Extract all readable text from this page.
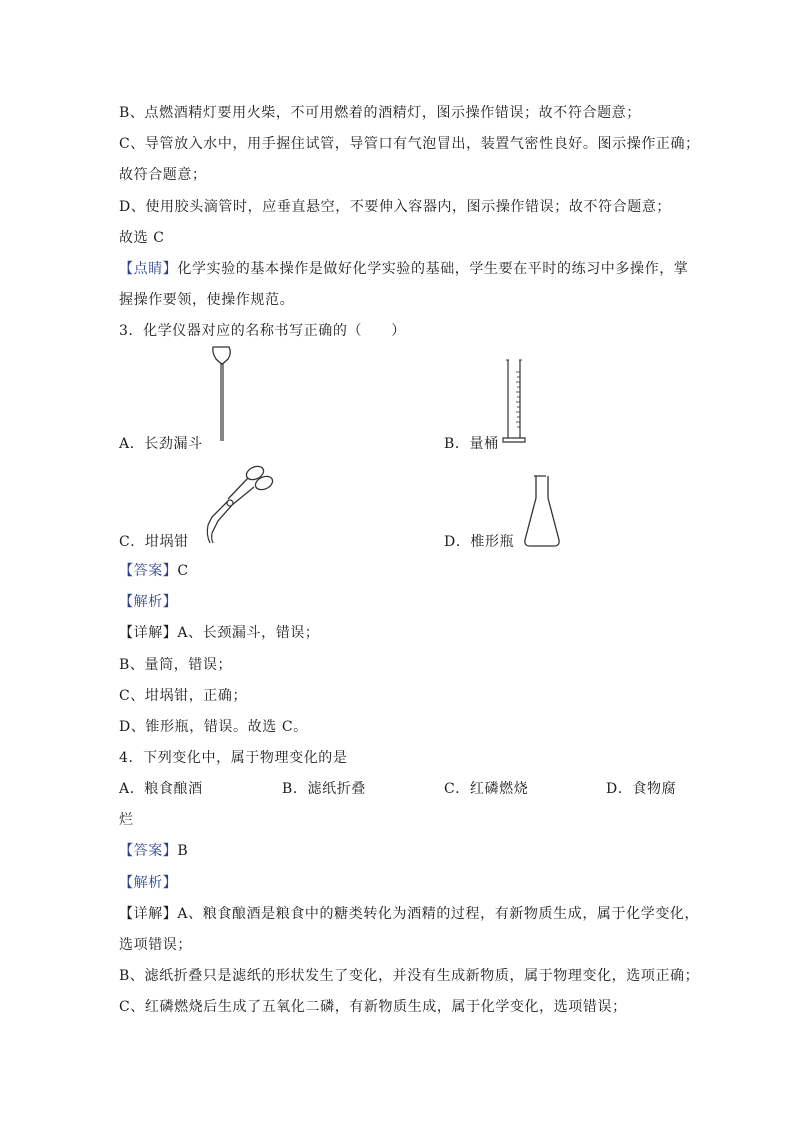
B、点燃酒精灯要用火柴，不可用燃着的酒精灯，图示操作错误；故不符合题意；
C、导管放入水中，用手握住试管，导管口有气泡冒出，装置气密性良好。图示操作正确；
故符合题意；
D、使用胶头滴管时，应垂直悬空，不要伸入容器内，图示操作错误；故不符合题意；
故选 C
【点睛】化学实验的基本操作是做好化学实验的基础，学生要在平时的练习中多操作，掌
握操作要领，使操作规范。
3．化学仪器对应的名称书写正确的（　　）
A．长劲漏斗	B．量桶
C．坩埚钳	D．椎形瓶
【答案】C
【解析】
【详解】A、长颈漏斗，错误；
B、量筒，错误；
C、坩埚钳，正确；
D、锥形瓶，错误。故选 C。
4．下列变化中，属于物理变化的是
A．粮食酿酒	B．滤纸折叠	C．红磷燃烧	D．食物腐
烂
【答案】B
【解析】
【详解】A、粮食酿酒是粮食中的糖类转化为酒精的过程，有新物质生成，属于化学变化，
选项错误；
B、滤纸折叠只是滤纸的形状发生了变化，并没有生成新物质，属于物理变化，选项正确；
C、红磷燃烧后生成了五氧化二磷，有新物质生成，属于化学变化，选项错误；
